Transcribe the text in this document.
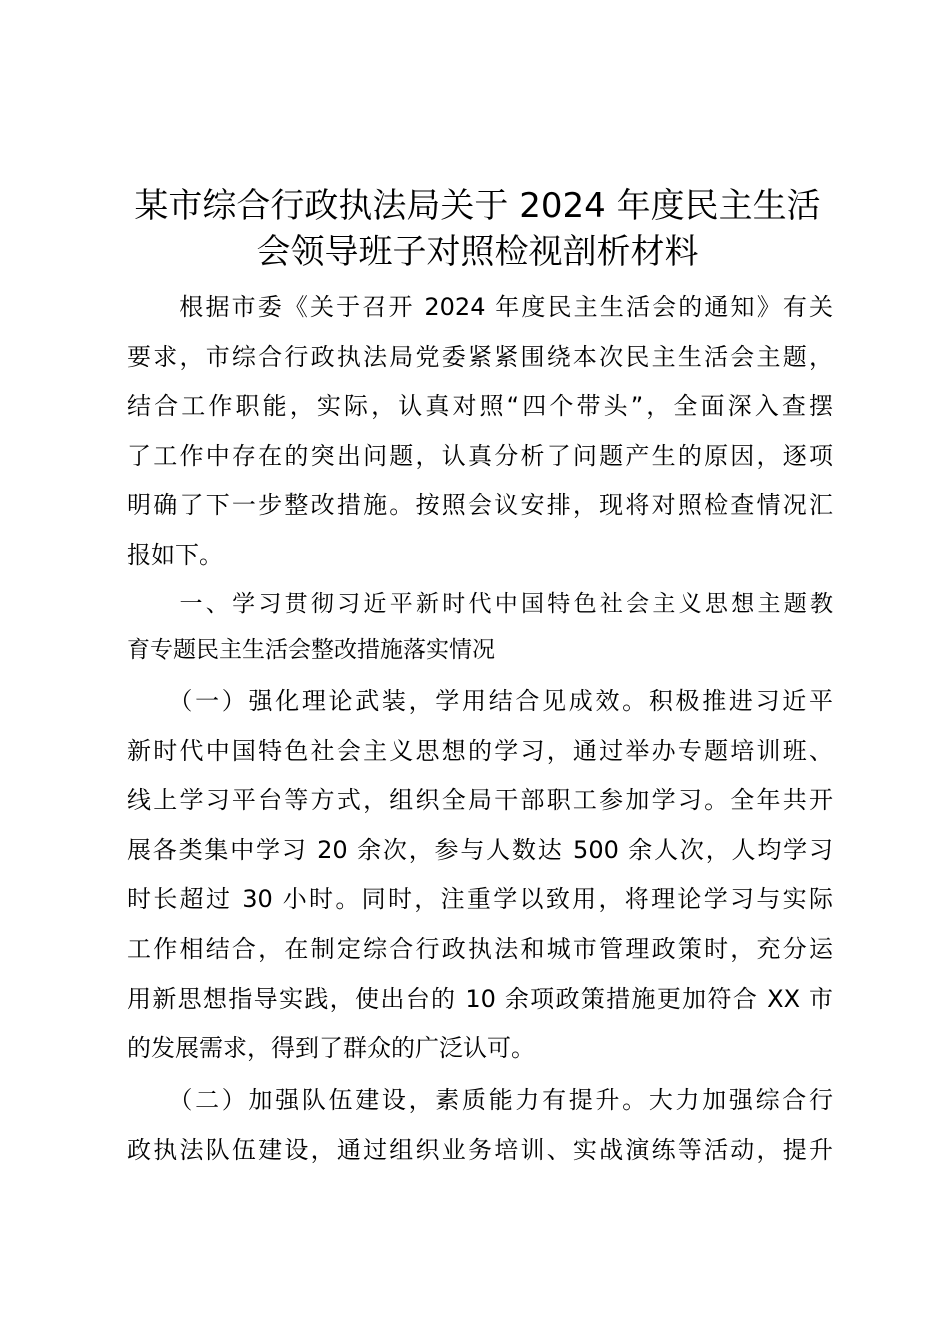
某市综合行政执法局关于 2024 年度民主生活
会领导班子对照检视剖析材料
　　根据市委《关于召开 2024 年度民主生活会的通知》有关
要求，市综合行政执法局党委紧紧围绕本次民主生活会主题，
结合工作职能，实际，认真对照“四个带头”，全面深入查摆
了工作中存在的突出问题，认真分析了问题产生的原因，逐项
明确了下一步整改措施。按照会议安排，现将对照检查情况汇
报如下。
　　一、学习贯彻习近平新时代中国特色社会主义思想主题教
育专题民主生活会整改措施落实情况
　　（一）强化理论武装，学用结合见成效。积极推进习近平
新时代中国特色社会主义思想的学习，通过举办专题培训班、
线上学习平台等方式，组织全局干部职工参加学习。全年共开
展各类集中学习 20 余次，参与人数达 500 余人次，人均学习
时长超过 30 小时。同时，注重学以致用，将理论学习与实际
工作相结合，在制定综合行政执法和城市管理政策时，充分运
用新思想指导实践，使出台的 10 余项政策措施更加符合 XX 市
的发展需求，得到了群众的广泛认可。
　　（二）加强队伍建设，素质能力有提升。大力加强综合行
政执法队伍建设，通过组织业务培训、实战演练等活动，提升
